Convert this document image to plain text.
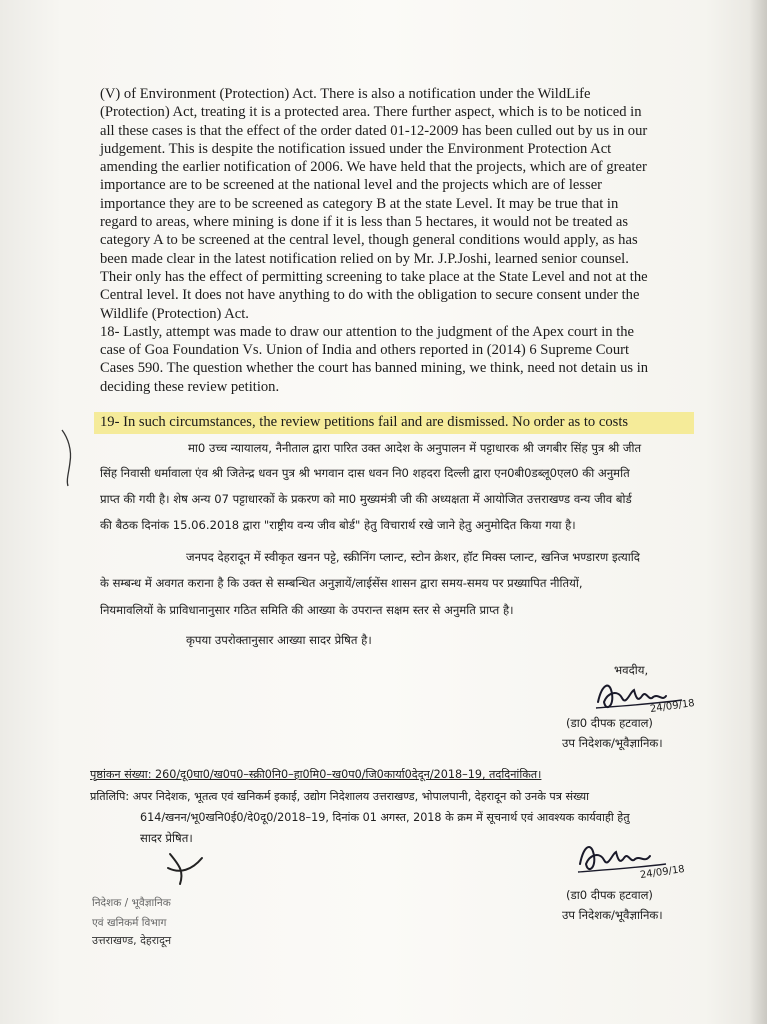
(V) of Environment (Protection) Act. There is also a notification under the WildLife
(Protection) Act, treating it is a protected area. There further aspect, which is to be noticed in
all these cases is that the effect of the order dated 01-12-2009 has been culled out by us in our
judgement. This is despite the notification issued under the Environment Protection Act
amending the earlier notification of 2006. We have held that the projects, which are of greater
importance are to be screened at the national level and the projects which are of lesser
importance they are to be screened as category B at the state Level. It may be true that in
regard to areas, where mining is done if it is less than 5 hectares, it would not be treated as
category A to be screened at the central level, though general conditions would apply, as has
been made clear in the latest notification relied on by Mr. J.P.Joshi, learned senior counsel.
Their only has the effect of permitting screening to take place at the State Level and not at the
Central level. It does not have anything to do with the obligation to secure consent under the
Wildlife (Protection) Act.
18- Lastly, attempt was made to draw our attention to the judgment of the Apex court in the
case of Goa Foundation Vs. Union of India and others reported in (2014) 6 Supreme Court
Cases 590. The question whether the court has banned mining, we think, need not detain us in
deciding these review petition.
19- In such circumstances, the review petitions fail and are dismissed. No order as to costs
मा0 उच्च न्यायालय, नैनीताल द्वारा पारित उक्त आदेश के अनुपालन में पट्टाधारक श्री जगबीर सिंह पुत्र श्री जीत
सिंह निवासी धर्मावाला एंव श्री जितेन्द्र धवन पुत्र श्री भगवान दास धवन नि0 शहदरा दिल्ली द्वारा एन0बी0डब्लू0एल0 की अनुमति
प्राप्त की गयी है। शेष अन्य 07 पट्टाधारकों के प्रकरण को मा0 मुख्यमंत्री जी की अध्यक्षता में आयोजित उत्तराखण्ड वन्य जीव बोर्ड
की बैठक दिनांक 15.06.2018 द्वारा "राष्ट्रीय वन्य जीव बोर्ड" हेतु विचारार्थ रखे जाने हेतु अनुमोदित किया गया है।
जनपद देहरादून में स्वीकृत खनन पट्टे, स्क्रीनिंग प्लान्ट, स्टोन क्रेशर, हॉट मिक्स प्लान्ट, खनिज भण्डारण इत्यादि
के सम्बन्ध में अवगत कराना है कि उक्त से सम्बन्धित अनुज्ञायें/लाईसेंस शासन द्वारा समय-समय पर प्रख्यापित नीतियों,
नियमावलियों के प्राविधानानुसार गठित समिति की आख्या के उपरान्त सक्षम स्तर से अनुमति प्राप्त है।
कृपया उपरोक्तानुसार आख्या सादर प्रेषित है।
भवदीय,
24/09/18
(डा0 दीपक हटवाल)
उप निदेशक/भूवैज्ञानिक।
पृष्ठांकन संख्या: 260/दू0घा0/ख0प0–स्क्री0नि0–हा0मि0–ख0प0/जि0कार्या0देदून/2018–19, तददिनांकित।
प्रतिलिपि: अपर निदेशक, भूतत्व एवं खनिकर्म इकाई, उद्योग निदेशालय उत्तराखण्ड, भोपालपानी, देहरादून को उनके पत्र संख्या
614/खनन/भू0खनि0ई0/दे0दू0/2018–19, दिनांक 01 अगस्त, 2018 के क्रम में सूचनार्थ एवं आवश्यक कार्यवाही हेतु
सादर प्रेषित।
निदेशक / भूवैज्ञानिक
एवं खनिकर्म विभाग
उत्तराखण्ड, देहरादून
24/09/18
(डा0 दीपक हटवाल)
उप निदेशक/भूवैज्ञानिक।
